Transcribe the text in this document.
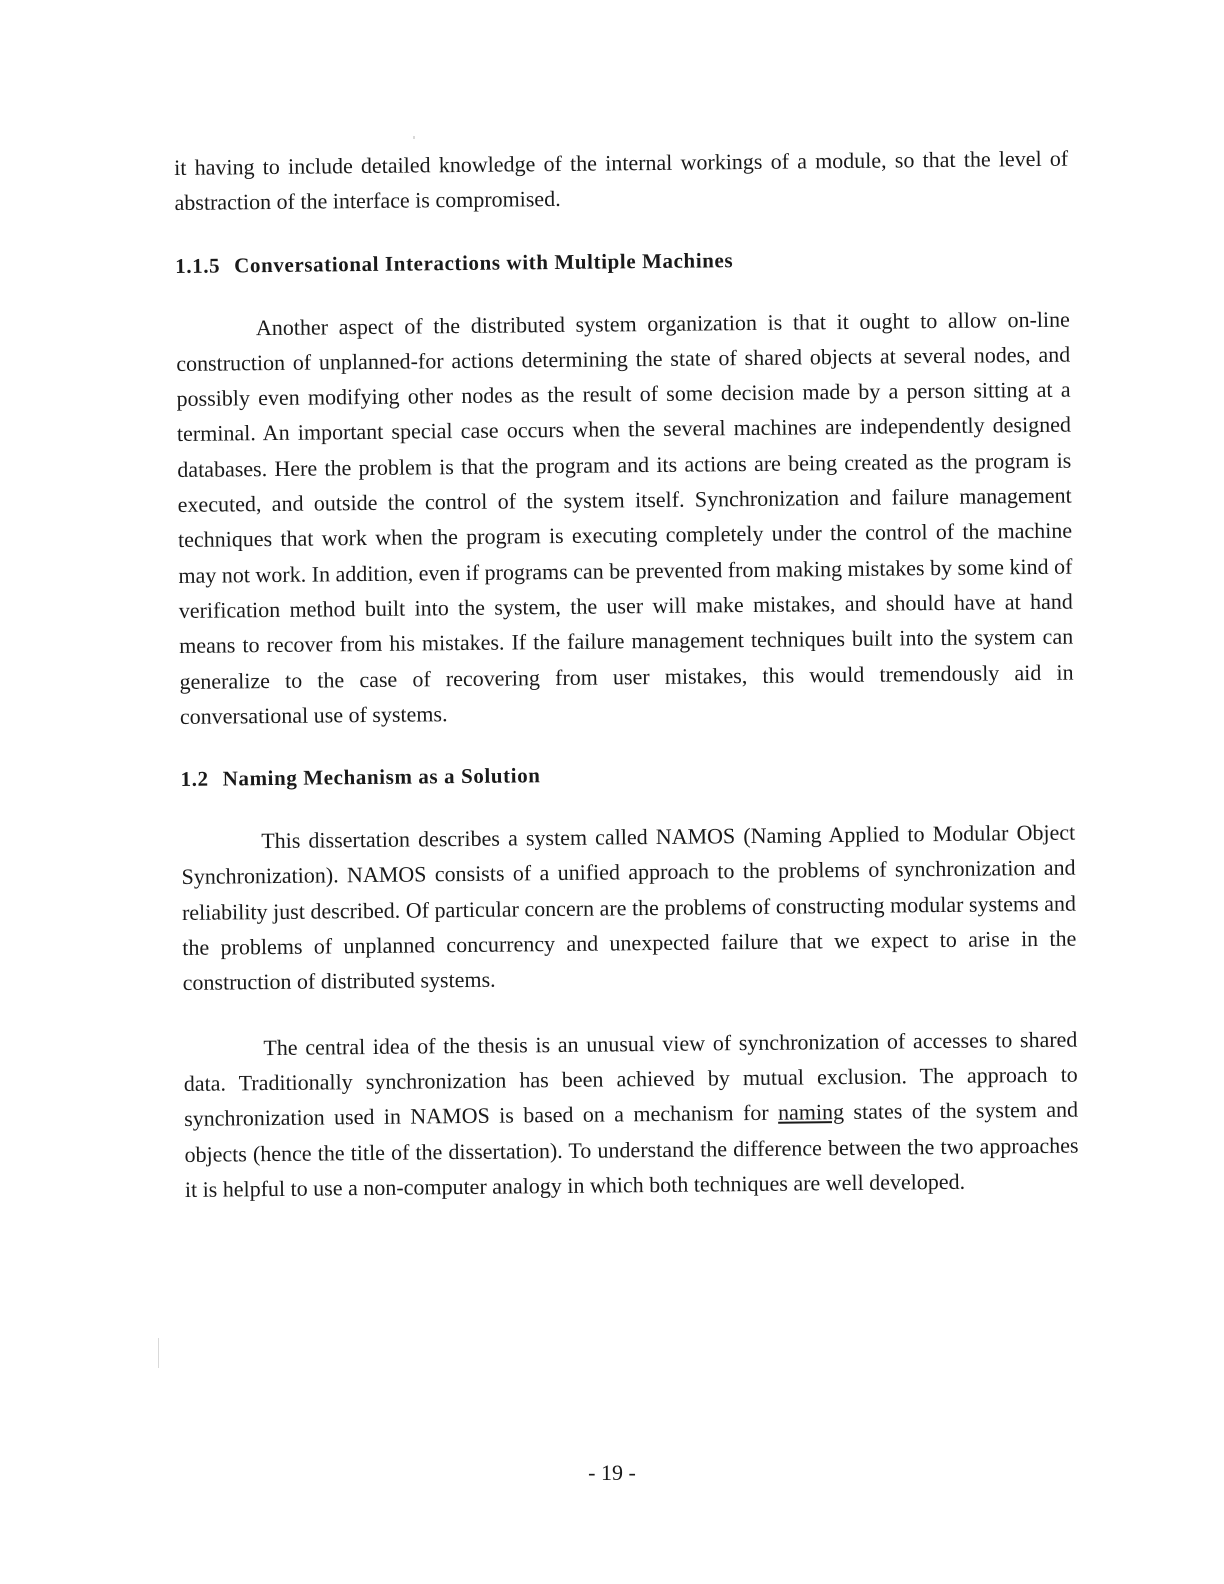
it having to include detailed knowledge of the internal workings of a module, so that the level of abstraction of the interface is compromised.

1.1.5 Conversational Interactions with Multiple Machines

Another aspect of the distributed system organization is that it ought to allow on-line construction of unplanned-for actions determining the state of shared objects at several nodes, and possibly even modifying other nodes as the result of some decision made by a person sitting at a terminal. An important special case occurs when the several machines are independently designed databases. Here the problem is that the program and its actions are being created as the program is executed, and outside the control of the system itself. Synchronization and failure management techniques that work when the program is executing completely under the control of the machine may not work. In addition, even if programs can be prevented from making mistakes by some kind of verification method built into the system, the user will make mistakes, and should have at hand means to recover from his mistakes. If the failure management techniques built into the system can generalize to the case of recovering from user mistakes, this would tremendously aid in conversational use of systems.

1.2 Naming Mechanism as a Solution

This dissertation describes a system called NAMOS (Naming Applied to Modular Object Synchronization). NAMOS consists of a unified approach to the problems of synchronization and reliability just described. Of particular concern are the problems of constructing modular systems and the problems of unplanned concurrency and unexpected failure that we expect to arise in the construction of distributed systems.

The central idea of the thesis is an unusual view of synchronization of accesses to shared data. Traditionally synchronization has been achieved by mutual exclusion. The approach to synchronization used in NAMOS is based on a mechanism for naming states of the system and objects (hence the title of the dissertation). To understand the difference between the two approaches it is helpful to use a non-computer analogy in which both techniques are well developed.

- 19 -
